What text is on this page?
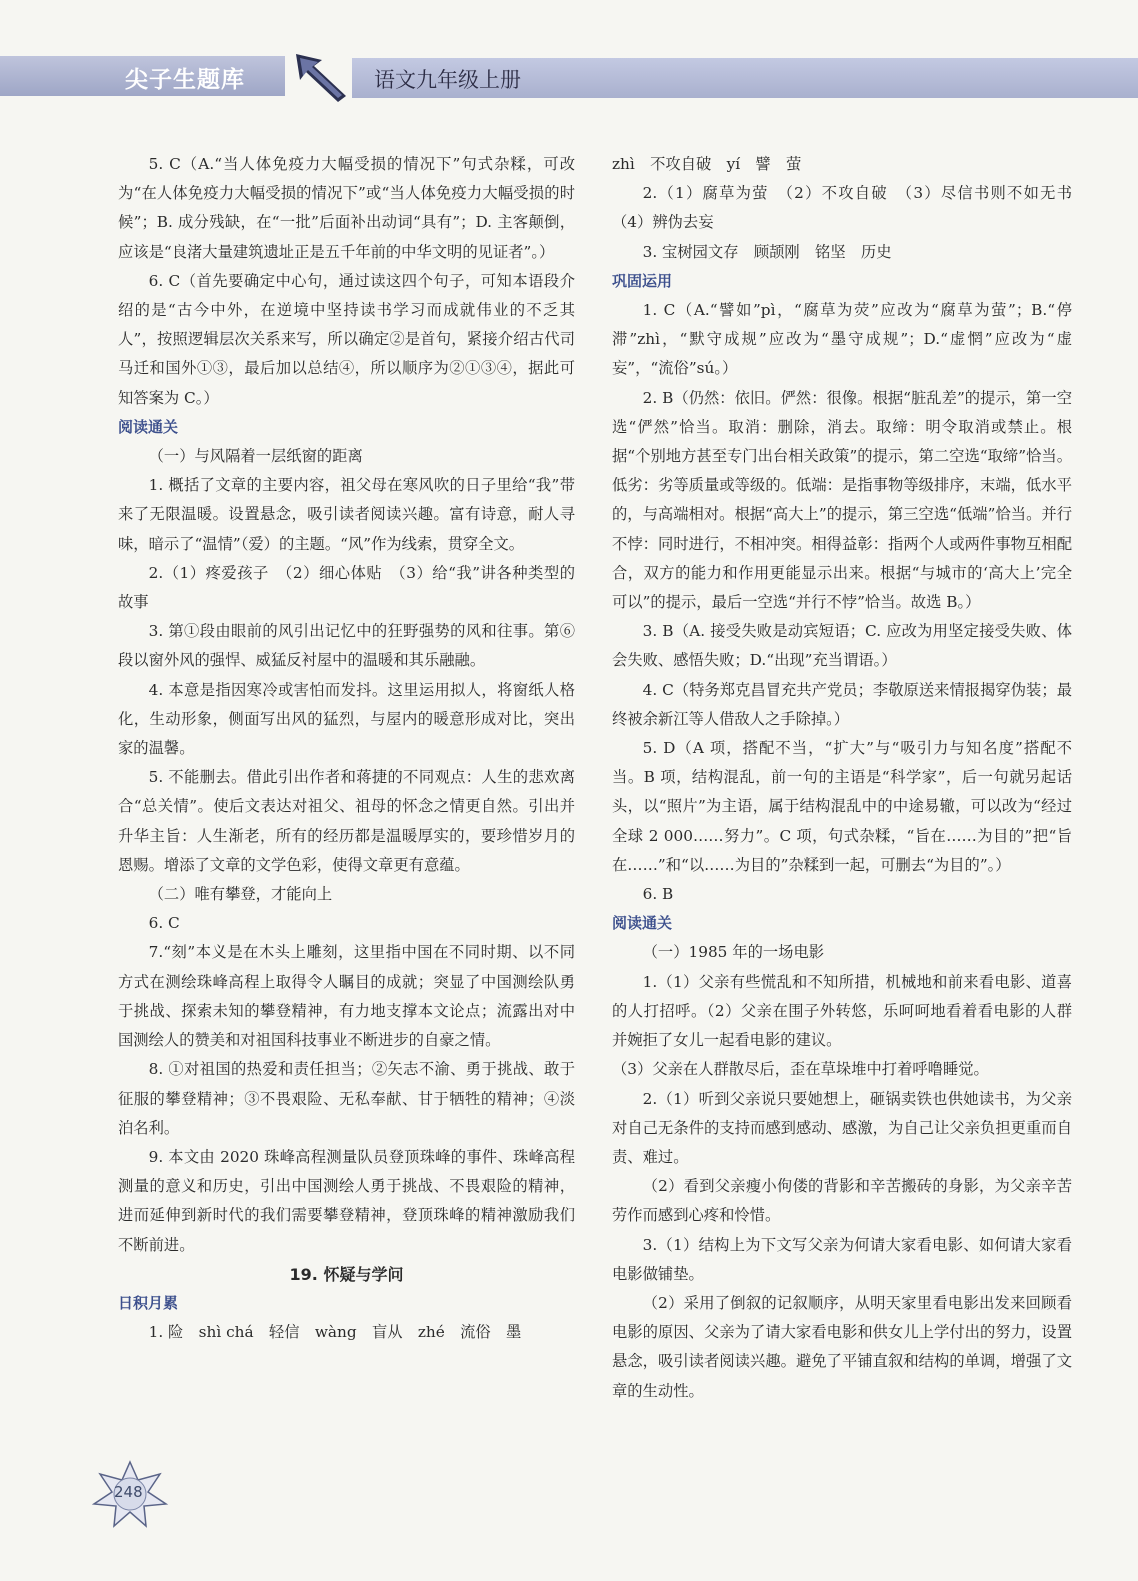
尖子生题库	语文九年级上册

5. C（A.“当人体免疫力大幅受损的情况下”句式杂糅，可改为“在人体免疫力大幅受损的情况下”或“当人体免疫力大幅受损的时候”；B. 成分残缺，在“一批”后面补出动词“具有”；D. 主客颠倒，应该是“良渚大量建筑遗址正是五千年前的中华文明的见证者”。）

6. C（首先要确定中心句，通过读这四个句子，可知本语段介绍的是“古今中外，在逆境中坚持读书学习而成就伟业的不乏其人”，按照逻辑层次关系来写，所以确定②是首句，紧接介绍古代司马迁和国外①③，最后加以总结④，所以顺序为②①③④，据此可知答案为 C。）

阅读通关

（一）与风隔着一层纸窗的距离

1. 概括了文章的主要内容，祖父母在寒风吹的日子里给“我”带来了无限温暖。设置悬念，吸引读者阅读兴趣。富有诗意，耐人寻味，暗示了“温情”（爱）的主题。“风”作为线索，贯穿全文。

2.（1）疼爱孩子　（2）细心体贴　（3）给“我”讲各种类型的故事

3. 第①段由眼前的风引出记忆中的狂野强势的风和往事。第⑥段以窗外风的强悍、威猛反衬屋中的温暖和其乐融融。

4. 本意是指因寒冷或害怕而发抖。这里运用拟人，将窗纸人格化，生动形象，侧面写出风的猛烈，与屋内的暖意形成对比，突出家的温馨。

5. 不能删去。借此引出作者和蒋捷的不同观点：人生的悲欢离合“总关情”。使后文表达对祖父、祖母的怀念之情更自然。引出并升华主旨：人生渐老，所有的经历都是温暖厚实的，要珍惜岁月的恩赐。增添了文章的文学色彩，使得文章更有意蕴。

（二）唯有攀登，才能向上

6. C

7.“刻”本义是在木头上雕刻，这里指中国在不同时期、以不同方式在测绘珠峰高程上取得令人瞩目的成就；突显了中国测绘队勇于挑战、探索未知的攀登精神，有力地支撑本文论点；流露出对中国测绘人的赞美和对祖国科技事业不断进步的自豪之情。

8. ①对祖国的热爱和责任担当；②矢志不渝、勇于挑战、敢于征服的攀登精神；③不畏艰险、无私奉献、甘于牺牲的精神；④淡泊名利。

9. 本文由 2020 珠峰高程测量队员登顶珠峰的事件、珠峰高程测量的意义和历史，引出中国测绘人勇于挑战、不畏艰险的精神，进而延伸到新时代的我们需要攀登精神，登顶珠峰的精神激励我们不断前进。

19. 怀疑与学问

日积月累

1. 险　shì chá　轻信　wàng　盲从　zhé　流俗　墨

zhì　不攻自破　yí　譬　萤

2.（1）腐草为萤　（2）不攻自破　（3）尽信书则不如无书　（4）辨伪去妄

3. 宝树园文存　顾颉刚　铭坚　历史

巩固运用

1. C（A.“譬如”pì，“腐草为荧”应改为“腐草为萤”；B.“停滞”zhì，“默守成规”应改为“墨守成规”；D.“虚惘”应改为“虚妄”，“流俗”sú。）

2. B（仍然：依旧。俨然：很像。根据“脏乱差”的提示，第一空选“俨然”恰当。取消：删除，消去。取缔：明令取消或禁止。根据“个别地方甚至专门出台相关政策”的提示，第二空选“取缔”恰当。低劣：劣等质量或等级的。低端：是指事物等级排序，末端，低水平的，与高端相对。根据“高大上”的提示，第三空选“低端”恰当。并行不悖：同时进行，不相冲突。相得益彰：指两个人或两件事物互相配合，双方的能力和作用更能显示出来。根据“与城市的‘高大上’完全可以”的提示，最后一空选“并行不悖”恰当。故选 B。）

3. B（A. 接受失败是动宾短语；C. 应改为用坚定接受失败、体会失败、感悟失败；D.“出现”充当谓语。）

4. C（特务郑克昌冒充共产党员；李敬原送来情报揭穿伪装；最终被余新江等人借敌人之手除掉。）

5. D（A 项，搭配不当，“扩大”与“吸引力与知名度”搭配不当。B 项，结构混乱，前一句的主语是“科学家”，后一句就另起话头，以“照片”为主语，属于结构混乱中的中途易辙，可以改为“经过全球 2 000……努力”。C 项，句式杂糅，“旨在……为目的”把“旨在……”和“以……为目的”杂糅到一起，可删去“为目的”。）

6. B

阅读通关

（一）1985 年的一场电影

1.（1）父亲有些慌乱和不知所措，机械地和前来看电影、道喜的人打招呼。（2）父亲在围子外转悠，乐呵呵地看着看电影的人群并婉拒了女儿一起看电影的建议。

（3）父亲在人群散尽后，歪在草垛堆中打着呼噜睡觉。

2.（1）听到父亲说只要她想上，砸锅卖铁也供她读书，为父亲对自己无条件的支持而感到感动、感激，为自己让父亲负担更重而自责、难过。

（2）看到父亲瘦小佝偻的背影和辛苦搬砖的身影，为父亲辛苦劳作而感到心疼和怜惜。

3.（1）结构上为下文写父亲为何请大家看电影、如何请大家看电影做铺垫。

（2）采用了倒叙的记叙顺序，从明天家里看电影出发来回顾看电影的原因、父亲为了请大家看电影和供女儿上学付出的努力，设置悬念，吸引读者阅读兴趣。避免了平铺直叙和结构的单调，增强了文章的生动性。

248
